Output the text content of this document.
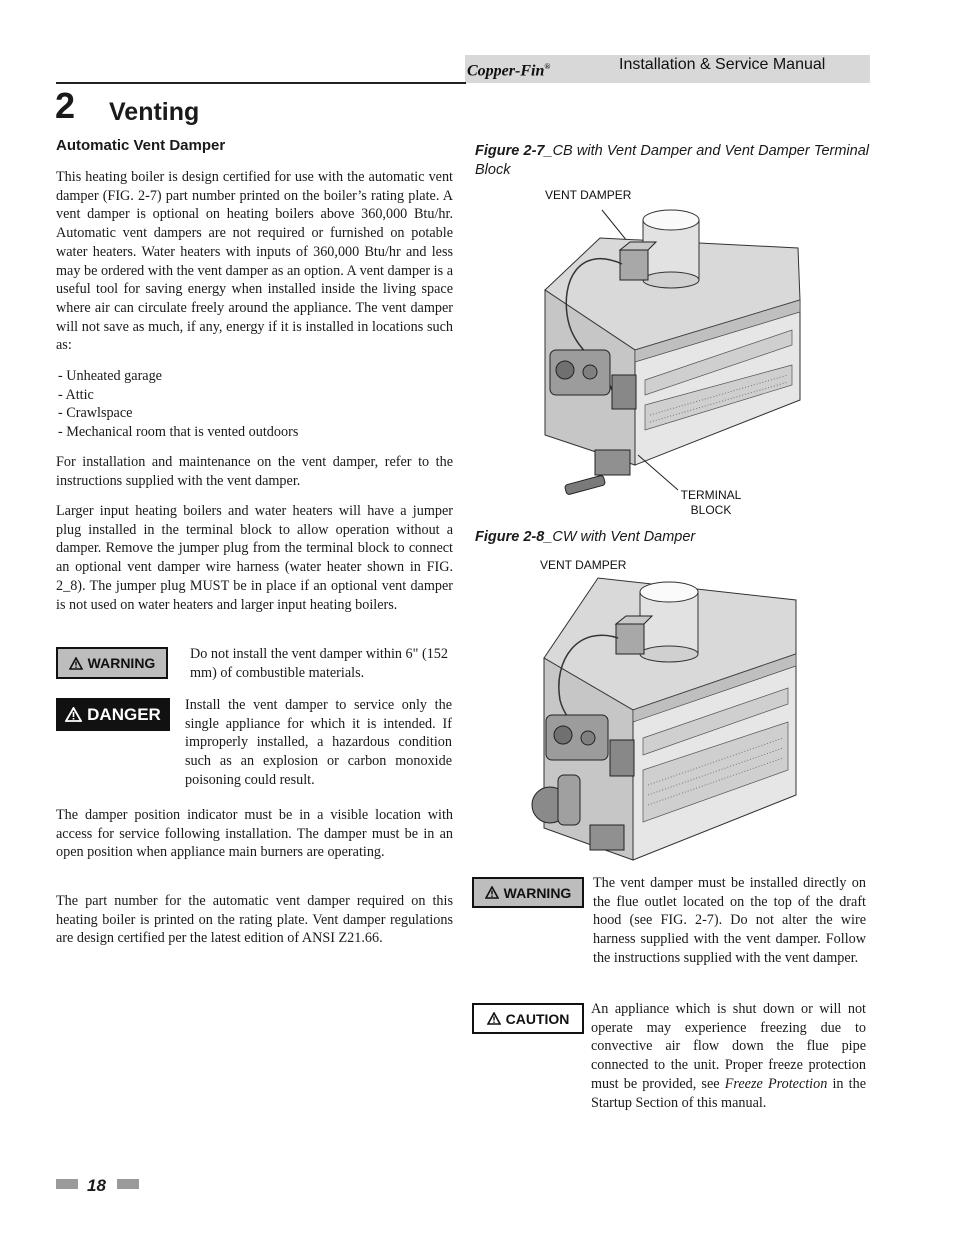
Copper-Fin®	Installation & Service Manual
2 Venting
Automatic Vent Damper

This heating boiler is design certified for use with the automatic vent damper (FIG. 2-7) part number printed on the boiler’s rating plate. A vent damper is optional on heating boilers above 360,000 Btu/hr. Automatic vent dampers are not required or furnished on potable water heaters. Water heaters with inputs of 360,000 Btu/hr and less may be ordered with the vent damper as an option. A vent damper is a useful tool for saving energy when installed inside the living space where air can circulate freely around the appliance. The vent damper will not save as much, if any, energy if it is installed in locations such as:

- Unheated garage
- Attic
- Crawlspace
- Mechanical room that is vented outdoors

For installation and maintenance on the vent damper, refer to the instructions supplied with the vent damper.

Larger input heating boilers and water heaters will have a jumper plug installed in the terminal block to allow operation without a damper. Remove the jumper plug from the terminal block to connect an optional vent damper wire harness (water heater shown in FIG. 2_8). The jumper plug MUST be in place if an optional vent damper is not used on water heaters and larger input heating boilers.

WARNING

Do not install the vent damper within 6" (152 mm) of combustible materials.

DANGER Install the vent damper to service only the single appliance for which it is intended. If improperly installed, a hazardous condition such as an explosion or carbon monoxide poisoning could result.

The damper position indicator must be in a visible location with access for service following installation. The damper must be in an open position when appliance main burners are operating.

The part number for the automatic vent damper required on this heating boiler is printed on the rating plate. Vent damper regulations are design certified per the latest edition of ANSI Z21.66.

Figure 2-7_CB with Vent Damper and Vent Damper Terminal Block

VENT DAMPER
TERMINAL
BLOCK

Figure 2-8_CW with Vent Damper

VENT DAMPER
WARNING

The vent damper must be installed directly on the flue outlet located on the top of the draft hood (see FIG. 2-7). Do not alter the wire harness supplied with the vent damper. Follow the instructions supplied with the vent damper.

CAUTION

An appliance which is shut down or will not operate may experience freezing due to convective air flow down the flue pipe connected to the unit. Proper freeze protection must be provided, see Freeze Protection in the Startup Section of this manual.

18
